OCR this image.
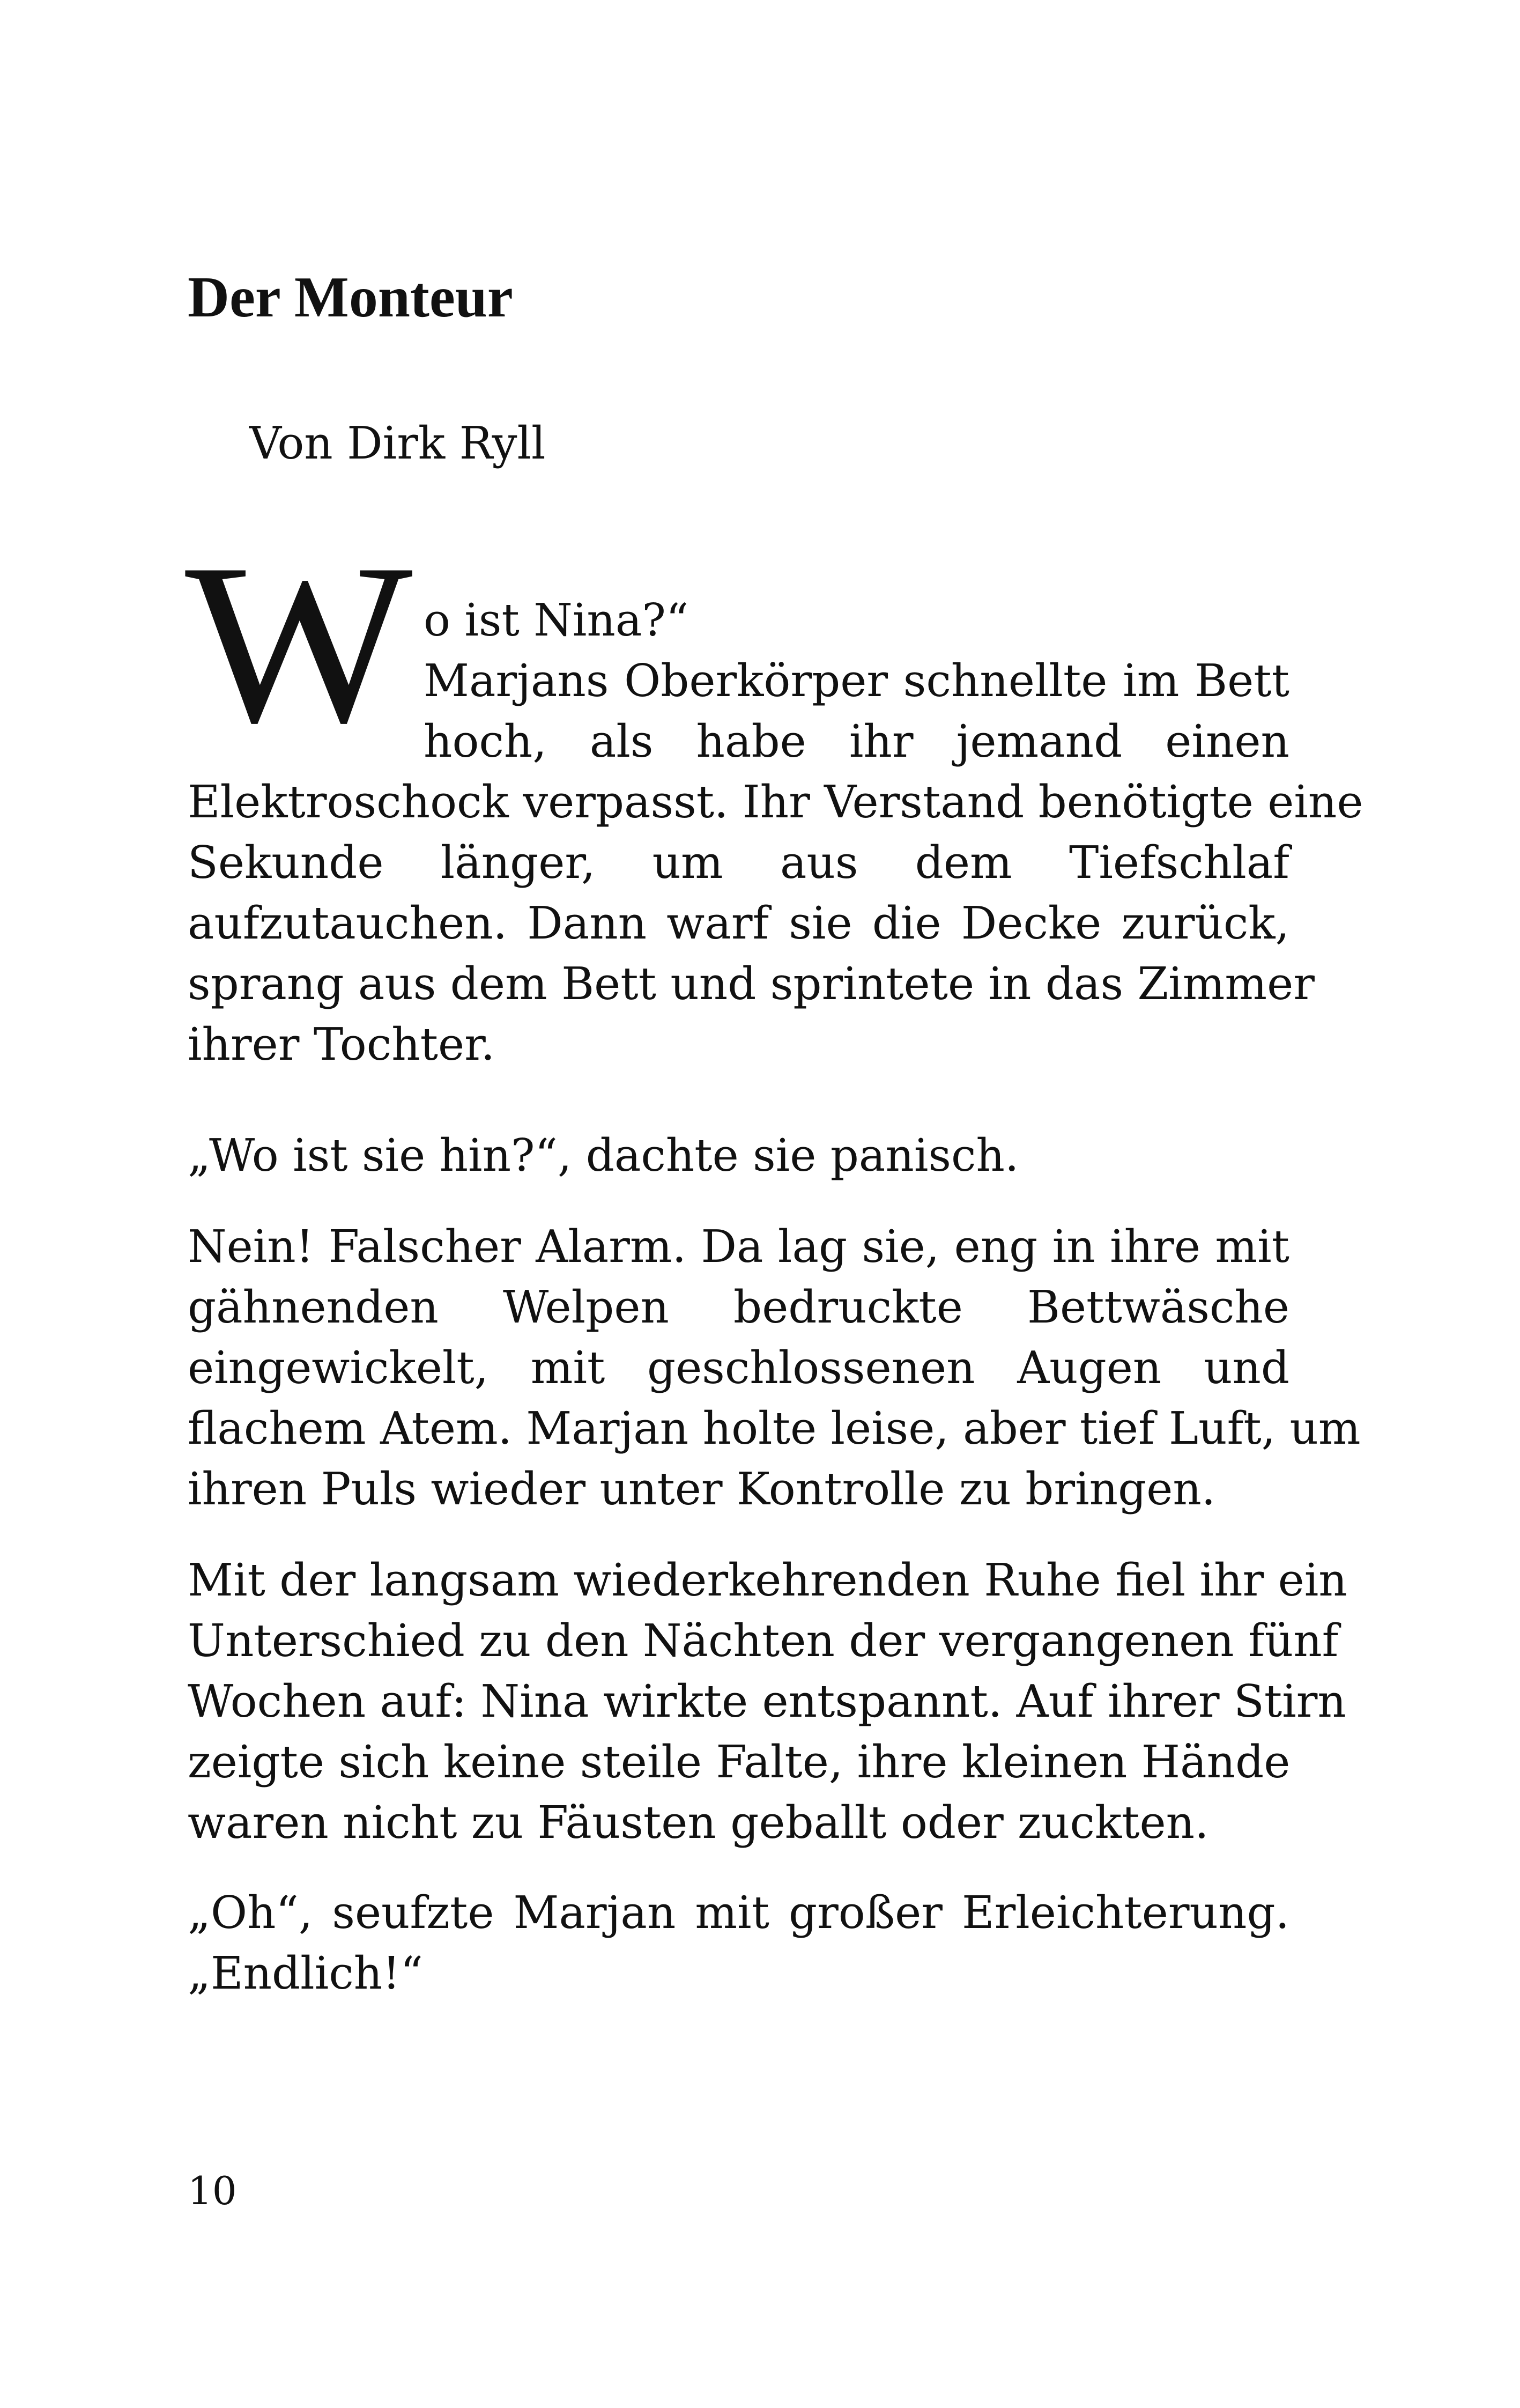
Der Monteur

Von Dirk Ryll

W o ist Nina?“
Marjans Oberkörper schnellte im Bett
hoch, als habe ihr jemand einen
Elektroschock verpasst. Ihr Verstand benötigte eine
Sekunde länger, um aus dem Tiefschlaf
aufzutauchen. Dann warf sie die Decke zurück,
sprang aus dem Bett und sprintete in das Zimmer
ihrer Tochter.
„Wo ist sie hin?“, dachte sie panisch.
Nein! Falscher Alarm. Da lag sie, eng in ihre mit
gähnenden Welpen bedruckte Bettwäsche
eingewickelt, mit geschlossenen Augen und
flachem Atem. Marjan holte leise, aber tief Luft, um
ihren Puls wieder unter Kontrolle zu bringen.
Mit der langsam wiederkehrenden Ruhe fiel ihr ein
Unterschied zu den Nächten der vergangenen fünf
Wochen auf: Nina wirkte entspannt. Auf ihrer Stirn
zeigte sich keine steile Falte, ihre kleinen Hände
waren nicht zu Fäusten geballt oder zuckten.
„Oh“, seufzte Marjan mit großer Erleichterung.
„Endlich!“
10
